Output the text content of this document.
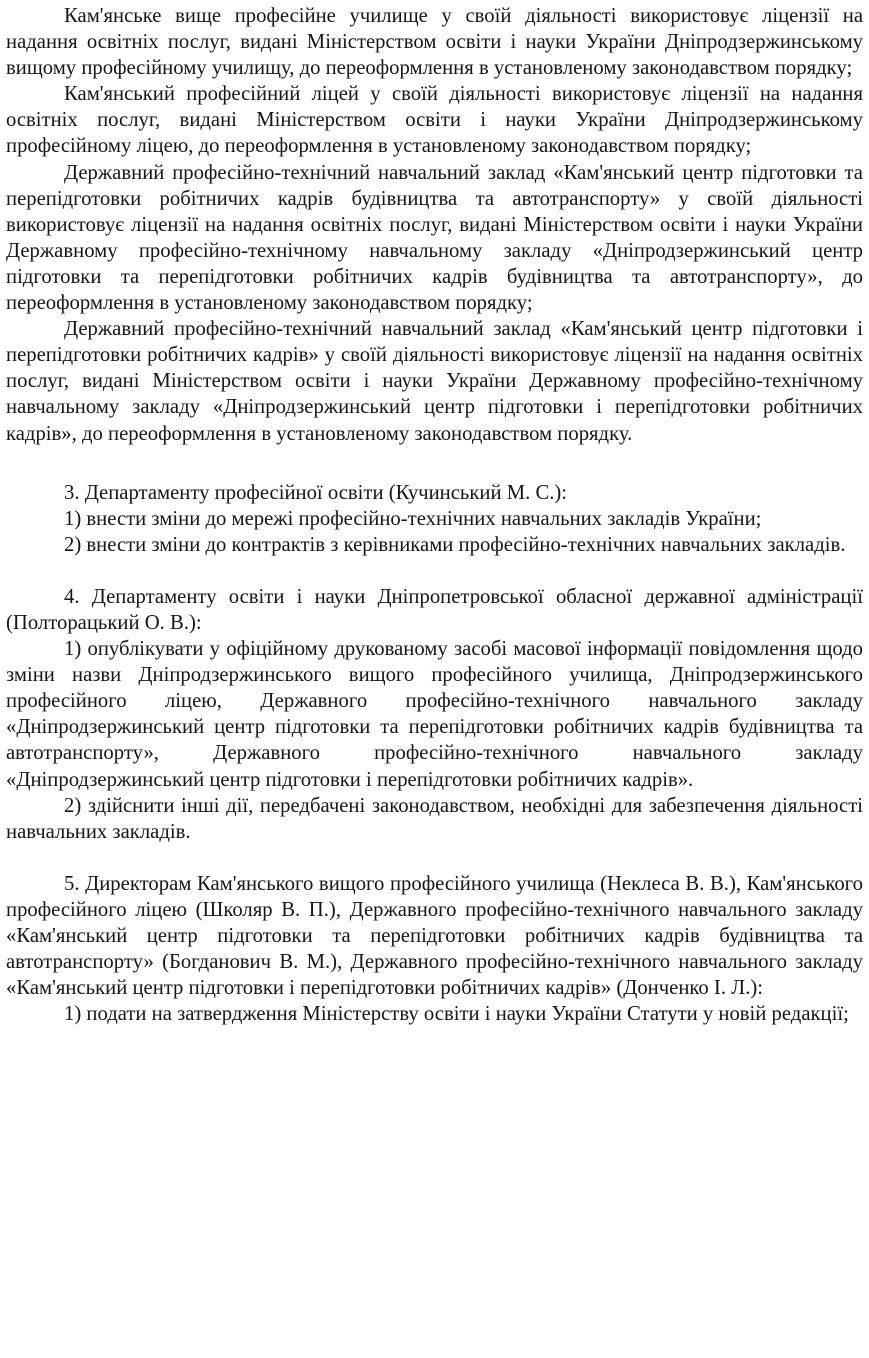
Кам'янське вище професійне училище у своїй діяльності використовує ліцензії на надання освітніх послуг, видані Міністерством освіти і науки України Дніпродзержинському вищому професійному училищу, до переоформлення в установленому законодавством порядку;

Кам'янський професійний ліцей у своїй діяльності використовує ліцензії на надання освітніх послуг, видані Міністерством освіти і науки України Дніпродзержинському професійному ліцею, до переоформлення в установленому законодавством порядку;

Державний професійно-технічний навчальний заклад «Кам'янський центр підготовки та перепідготовки робітничих кадрів будівництва та автотранспорту» у своїй діяльності використовує ліцензії на надання освітніх послуг, видані Міністерством освіти і науки України Державному професійно-технічному навчальному закладу «Дніпродзержинський центр підготовки та перепідготовки робітничих кадрів будівництва та автотранспорту», до переоформлення в установленому законодавством порядку;

Державний професійно-технічний навчальний заклад «Кам'янський центр підготовки і перепідготовки робітничих кадрів» у своїй діяльності використовує ліцензії на надання освітніх послуг, видані Міністерством освіти і науки України Державному професійно-технічному навчальному закладу «Дніпродзержинський центр підготовки і перепідготовки робітничих кадрів», до переоформлення в установленому законодавством порядку.

3. Департаменту професійної освіти (Кучинський М. С.):

1) внести зміни до мережі професійно-технічних навчальних закладів України;

2) внести зміни до контрактів з керівниками професійно-технічних навчальних закладів.

4. Департаменту освіти і науки Дніпропетровської обласної державної адміністрації (Полторацький О. В.):

1) опублікувати у офіційному друкованому засобі масової інформації повідомлення щодо зміни назви Дніпродзержинського вищого професійного училища, Дніпродзержинського професійного ліцею, Державного професійно-технічного навчального закладу «Дніпродзержинський центр підготовки та перепідготовки робітничих кадрів будівництва та автотранспорту», Державного професійно-технічного навчального закладу «Дніпродзержинський центр підготовки і перепідготовки робітничих кадрів».

2) здійснити інші дії, передбачені законодавством, необхідні для забезпечення діяльності навчальних закладів.

5. Директорам Кам'янського вищого професійного училища (Неклеса В. В.), Кам'янського професійного ліцею (Школяр В. П.), Державного професійно-технічного навчального закладу «Кам'янський центр підготовки та перепідготовки робітничих кадрів будівництва та автотранспорту» (Богданович В. М.), Державного професійно-технічного навчального закладу «Кам'янський центр підготовки і перепідготовки робітничих кадрів» (Донченко І. Л.):

1) подати на затвердження Міністерству освіти і науки України Статути у новій редакції;
